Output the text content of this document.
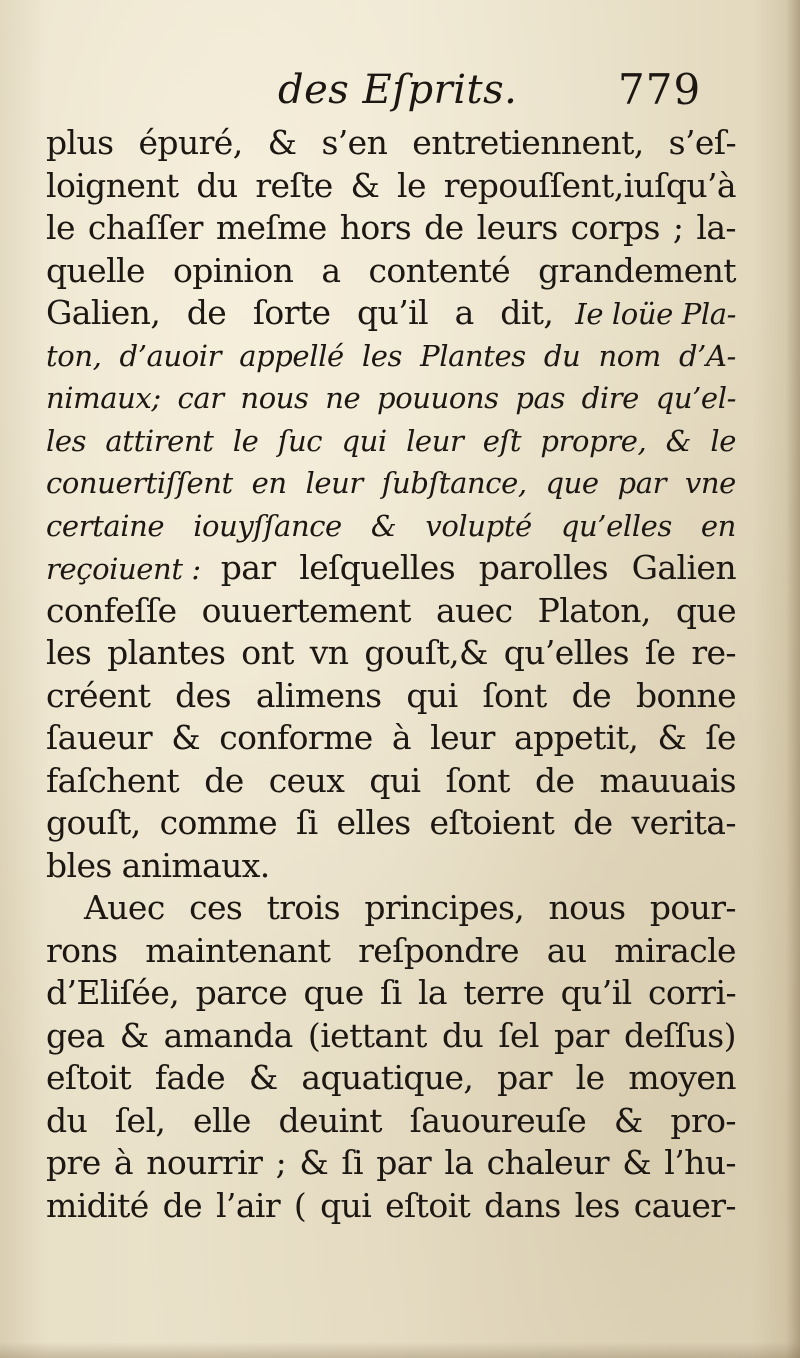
des Eſprits. 779
plus épuré, & s’en entretiennent, s’eſ-
loignent du reſte & le repouſſent,iuſqu’à
le chaſſer meſme hors de leurs corps ; la-
quelle opinion a contenté grandement
Galien, de ſorte qu’il a dit, Ie loüe Pla-
ton, d’auoir appellé les Plantes du nom d’A-
nimaux; car nous ne pouuons pas dire qu’el-
les attirent le ſuc qui leur eſt propre, & le
conuertiſſent en leur ſubſtance, que par vne
certaine iouyſſance & volupté qu’elles en
reçoiuent : par leſquelles parolles Galien
confeſſe ouuertement auec Platon, que
les plantes ont vn gouſt,& qu’elles ſe re-
créent des alimens qui ſont de bonne
ſaueur & conforme à leur appetit, & ſe
faſchent de ceux qui ſont de mauuais
gouſt, comme ſi elles eſtoient de verita-
bles animaux.
Auec ces trois principes, nous pour-
rons maintenant reſpondre au miracle
d’Eliſée, parce que ſi la terre qu’il corri-
gea & amanda (iettant du ſel par deſſus)
eſtoit fade & aquatique, par le moyen
du ſel, elle deuint ſauoureuſe & pro-
pre à nourrir ; & ſi par la chaleur & l’hu-
midité de l’air ( qui eſtoit dans les cauer-
